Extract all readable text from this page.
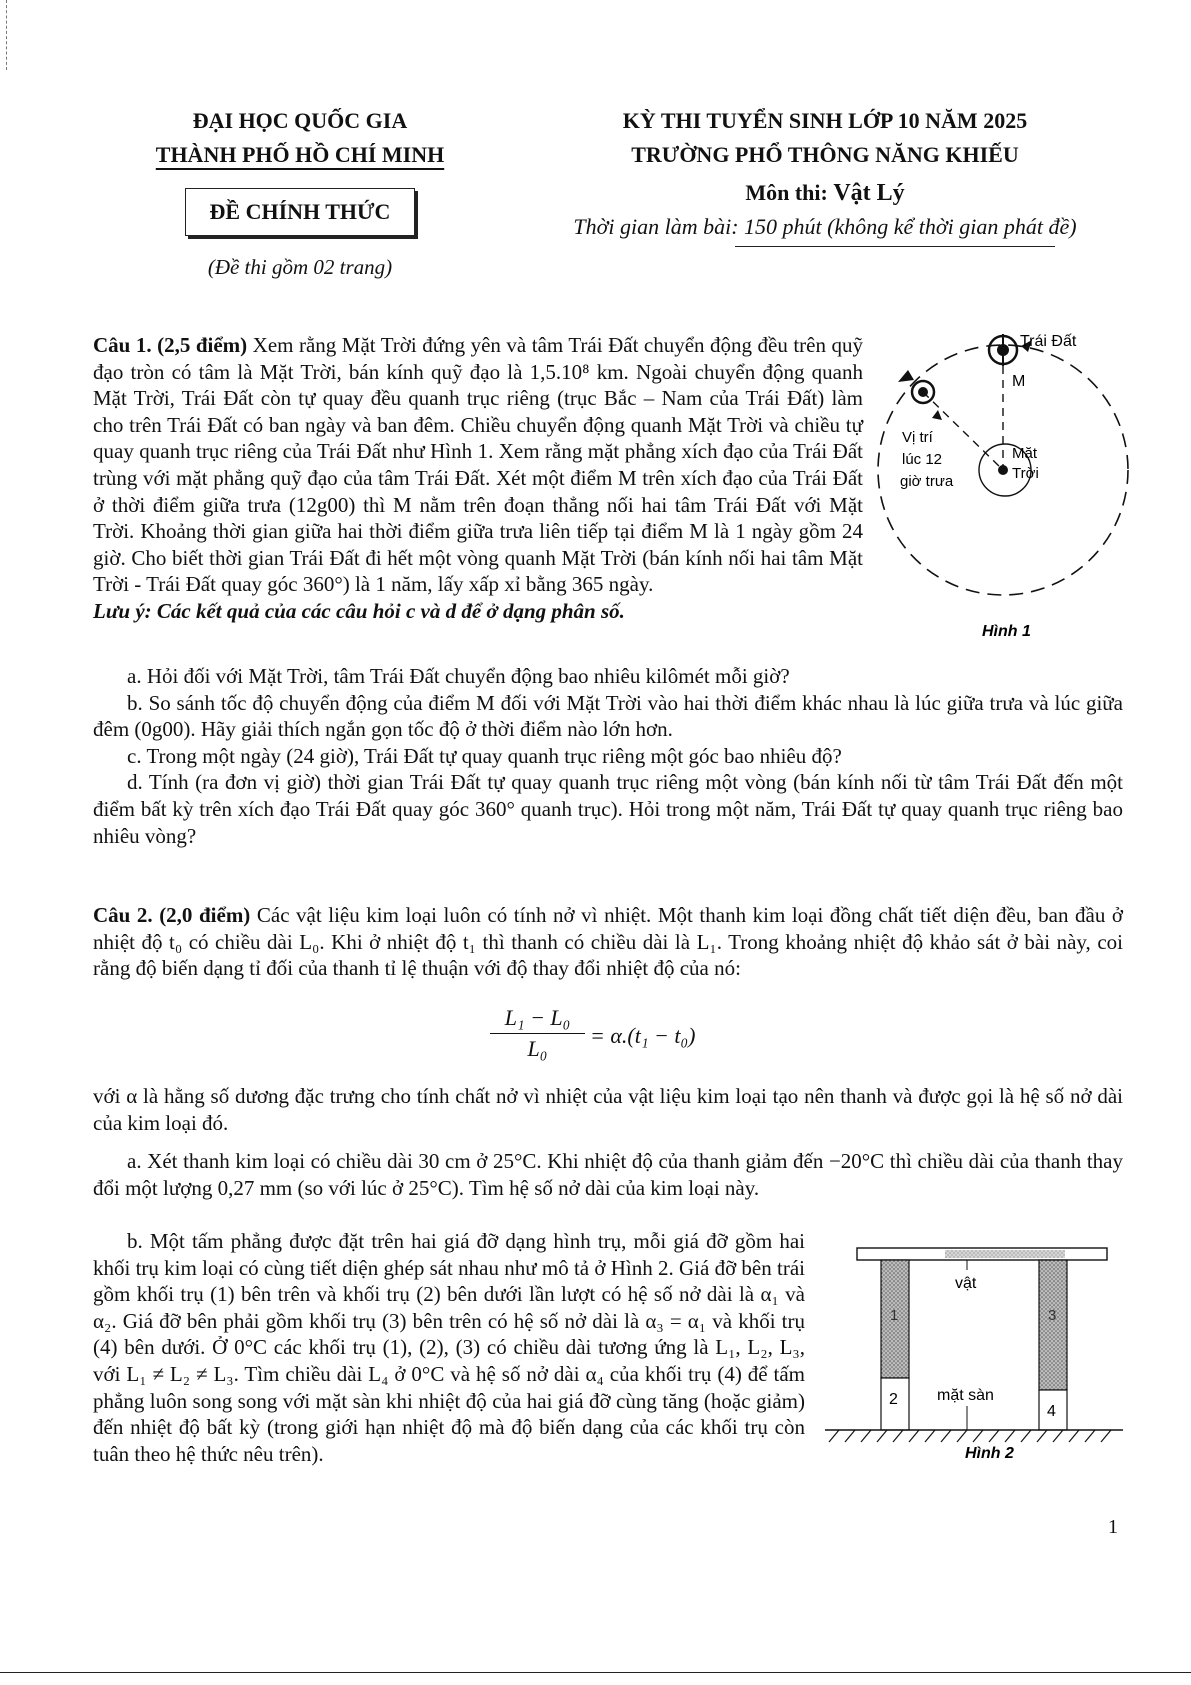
ĐẠI HỌC QUỐC GIA
THÀNH PHỐ HỒ CHÍ MINH
ĐỀ CHÍNH THỨC
(Đề thi gồm 02 trang)
KỲ THI TUYỂN SINH LỚP 10 NĂM 2025
TRƯỜNG PHỔ THÔNG NĂNG KHIẾU
Môn thi: Vật Lý
Thời gian làm bài: 150 phút (không kể thời gian phát đề)
Câu 1. (2,5 điểm) Xem rằng Mặt Trời đứng yên và tâm Trái Đất chuyển động đều trên quỹ đạo tròn có tâm là Mặt Trời, bán kính quỹ đạo là 1,5.10⁸ km. Ngoài chuyển động quanh Mặt Trời, Trái Đất còn tự quay đều quanh trục riêng (trục Bắc – Nam của Trái Đất) làm cho trên Trái Đất có ban ngày và ban đêm. Chiều chuyển động quanh Mặt Trời và chiều tự quay quanh trục riêng của Trái Đất như Hình 1. Xem rằng mặt phẳng xích đạo của Trái Đất trùng với mặt phẳng quỹ đạo của tâm Trái Đất. Xét một điểm M trên xích đạo của Trái Đất ở thời điểm giữa trưa (12g00) thì M nằm trên đoạn thẳng nối hai tâm Trái Đất với Mặt Trời. Khoảng thời gian giữa hai thời điểm giữa trưa liên tiếp tại điểm M là 1 ngày gồm 24 giờ. Cho biết thời gian Trái Đất đi hết một vòng quanh Mặt Trời (bán kính nối hai tâm Mặt Trời - Trái Đất quay góc 360°) là 1 năm, lấy xấp xỉ bằng 365 ngày.
Lưu ý: Các kết quả của các câu hỏi c và d để ở dạng phân số.
a. Hỏi đối với Mặt Trời, tâm Trái Đất chuyển động bao nhiêu kilômét mỗi giờ?
b. So sánh tốc độ chuyển động của điểm M đối với Mặt Trời vào hai thời điểm khác nhau là lúc giữa trưa và lúc giữa đêm (0g00). Hãy giải thích ngắn gọn tốc độ ở thời điểm nào lớn hơn.
c. Trong một ngày (24 giờ), Trái Đất tự quay quanh trục riêng một góc bao nhiêu độ?
d. Tính (ra đơn vị giờ) thời gian Trái Đất tự quay quanh trục riêng một vòng (bán kính nối từ tâm Trái Đất đến một điểm bất kỳ trên xích đạo Trái Đất quay góc 360° quanh trục). Hỏi trong một năm, Trái Đất tự quay quanh trục riêng bao nhiêu vòng?
Trái Đất
M
Vị trí
lúc 12
giờ trưa
Mặt
Trời
Hình 1
Câu 2. (2,0 điểm) Các vật liệu kim loại luôn có tính nở vì nhiệt. Một thanh kim loại đồng chất tiết diện đều, ban đầu ở nhiệt độ t₀ có chiều dài L₀. Khi ở nhiệt độ t₁ thì thanh có chiều dài là L₁. Trong khoảng nhiệt độ khảo sát ở bài này, coi rằng độ biến dạng tỉ đối của thanh tỉ lệ thuận với độ thay đổi nhiệt độ của nó:
$\frac{\text{L₁ − L₀}}{\text{L₀}} = \alpha.(t_1 - t_0)$
với α là hằng số dương đặc trưng cho tính chất nở vì nhiệt của vật liệu kim loại tạo nên thanh và được gọi là hệ số nở dài của kim loại đó.
a. Xét thanh kim loại có chiều dài 30 cm ở 25°C. Khi nhiệt độ của thanh giảm đến −20°C thì chiều dài của thanh thay đổi một lượng 0,27 mm (so với lúc ở 25°C). Tìm hệ số nở dài của kim loại này.
b. Một tấm phẳng được đặt trên hai giá đỡ dạng hình trụ, mỗi giá đỡ gồm hai khối trụ kim loại có cùng tiết diện ghép sát nhau như mô tả ở Hình 2. Giá đỡ bên trái gồm khối trụ (1) bên trên và khối trụ (2) bên dưới lần lượt có hệ số nở dài là α₁ và α₂. Giá đỡ bên phải gồm khối trụ (3) bên trên có hệ số nở dài là α₃ = α₁ và khối trụ (4) bên dưới. Ở 0°C các khối trụ (1), (2), (3) có chiều dài tương ứng là L₁, L₂, L₃, với L₁ ≠ L₂ ≠ L₃. Tìm chiều dài L₄ ở 0°C và hệ số nở dài α₄ của khối trụ (4) để tấm phẳng luôn song song với mặt sàn khi nhiệt độ của hai giá đỡ cùng tăng (hoặc giảm) đến nhiệt độ bất kỳ (trong giới hạn nhiệt độ mà độ biến dạng của các khối trụ còn tuân theo hệ thức nêu trên).
1
2
3
4
vật
mặt sàn
Hình 2
1
